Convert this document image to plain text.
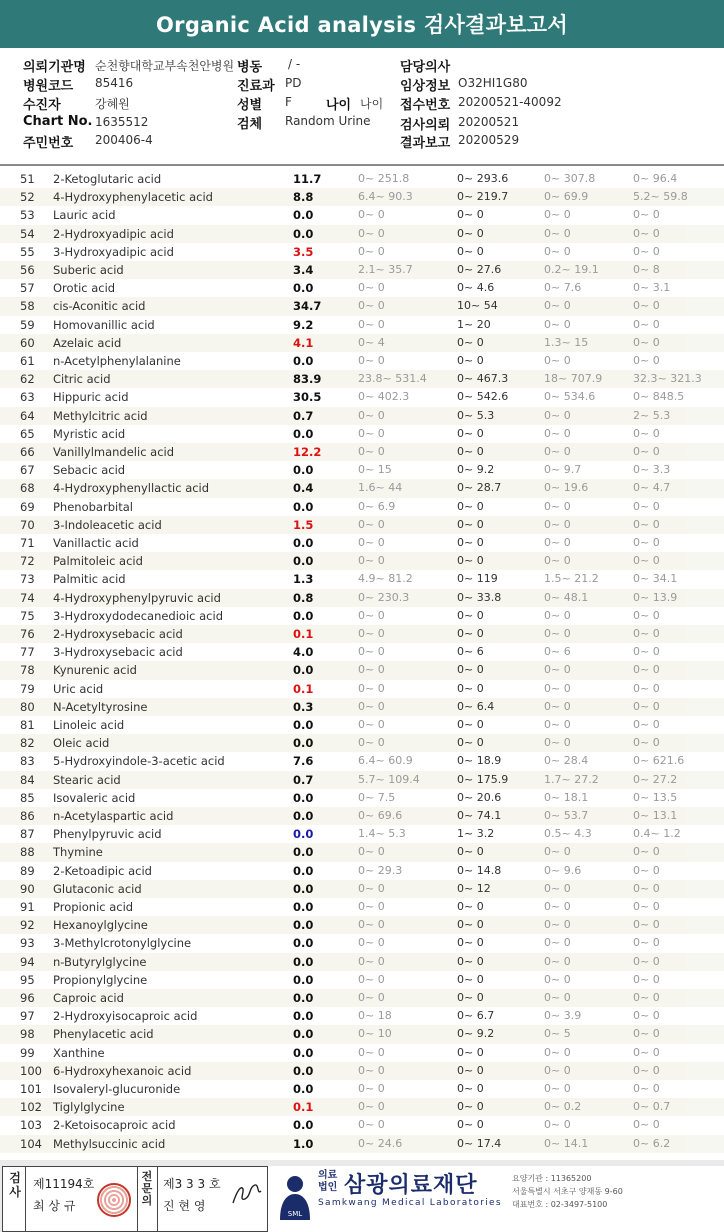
Organic Acid analysis 검사결과보고서
의뢰기관명 순천향대학교부속천안병원 병동 / -	담당의사
병원코드 85416	진료과 PD	임상정보 O32HI1G80
수진자	강혜원	성별 F	나이 나이 접수번호 20200521-40092
Chart No. 1635512	검체 Random Urine 검사의뢰 20200521
주민번호 200406-4	결과보고 20200529
51 2-Ketoglutaric acid	11.7	0~ 251.8	0~ 293.6	0~ 307.8	0~ 96.4
52 4-Hydroxyphenylacetic acid	8.8	6.4~ 90.3	0~ 219.7	0~ 69.9	5.2~ 59.8
53 Lauric acid	0.0	0~ 0	0~ 0	0~ 0	0~ 0
54 2-Hydroxyadipic acid	0.0	0~ 0	0~ 0	0~ 0	0~ 0
55 3-Hydroxyadipic acid	3.5	0~ 0	0~ 0	0~ 0	0~ 0
56 Suberic acid	3.4	2.1~ 35.7	0~ 27.6	0.2~ 19.1	0~ 8
57 Orotic acid	0.0	0~ 0	0~ 4.6	0~ 7.6	0~ 3.1
58 cis-Aconitic acid	34.7	0~ 0	10~ 54	0~ 0	0~ 0
59 Homovanillic acid	9.2	0~ 0	1~ 20	0~ 0	0~ 0
60 Azelaic acid	4.1	0~ 4	0~ 0	1.3~ 15	0~ 0
61 n-Acetylphenylalanine	0.0	0~ 0	0~ 0	0~ 0	0~ 0
62 Citric acid	83.9	23.8~ 531.4	0~ 467.3	18~ 707.9	32.3~ 321.3
63 Hippuric acid	30.5	0~ 402.3	0~ 542.6	0~ 534.6	0~ 848.5
64 Methylcitric acid	0.7	0~ 0	0~ 5.3	0~ 0	2~ 5.3
65 Myristic acid	0.0	0~ 0	0~ 0	0~ 0	0~ 0
66 Vanillylmandelic acid	12.2	0~ 0	0~ 0	0~ 0	0~ 0
67 Sebacic acid	0.0	0~ 15	0~ 9.2	0~ 9.7	0~ 3.3
68 4-Hydroxyphenyllactic acid	0.4	1.6~ 44	0~ 28.7	0~ 19.6	0~ 4.7
69 Phenobarbital	0.0	0~ 6.9	0~ 0	0~ 0	0~ 0
70 3-Indoleacetic acid	1.5	0~ 0	0~ 0	0~ 0	0~ 0
71 Vanillactic acid	0.0	0~ 0	0~ 0	0~ 0	0~ 0
72 Palmitoleic acid	0.0	0~ 0	0~ 0	0~ 0	0~ 0
73 Palmitic acid	1.3	4.9~ 81.2	0~ 119	1.5~ 21.2	0~ 34.1
74 4-Hydroxyphenylpyruvic acid	0.8	0~ 230.3	0~ 33.8	0~ 48.1	0~ 13.9
75 3-Hydroxydodecanedioic acid	0.0	0~ 0	0~ 0	0~ 0	0~ 0
76 2-Hydroxysebacic acid	0.1	0~ 0	0~ 0	0~ 0	0~ 0
77 3-Hydroxysebacic acid	4.0	0~ 0	0~ 6	0~ 6	0~ 0
78 Kynurenic acid	0.0	0~ 0	0~ 0	0~ 0	0~ 0
79 Uric acid	0.1	0~ 0	0~ 0	0~ 0	0~ 0
80 N-Acetyltyrosine	0.3	0~ 0	0~ 6.4	0~ 0	0~ 0
81 Linoleic acid	0.0	0~ 0	0~ 0	0~ 0	0~ 0
82 Oleic acid	0.0	0~ 0	0~ 0	0~ 0	0~ 0
83 5-Hydroxyindole-3-acetic acid	7.6	6.4~ 60.9	0~ 18.9	0~ 28.4	0~ 621.6
84 Stearic acid	0.7	5.7~ 109.4	0~ 175.9	1.7~ 27.2	0~ 27.2
85 Isovaleric acid	0.0	0~ 7.5	0~ 20.6	0~ 18.1	0~ 13.5
86 n-Acetylaspartic acid	0.0	0~ 69.6	0~ 74.1	0~ 53.7	0~ 13.1
87 Phenylpyruvic acid	0.0	1.4~ 5.3	1~ 3.2	0.5~ 4.3	0.4~ 1.2
88 Thymine	0.0	0~ 0	0~ 0	0~ 0	0~ 0
89 2-Ketoadipic acid	0.0	0~ 29.3	0~ 14.8	0~ 9.6	0~ 0
90 Glutaconic acid	0.0	0~ 0	0~ 12	0~ 0	0~ 0
91 Propionic acid	0.0	0~ 0	0~ 0	0~ 0	0~ 0
92 Hexanoylglycine	0.0	0~ 0	0~ 0	0~ 0	0~ 0
93 3-Methylcrotonylglycine	0.0	0~ 0	0~ 0	0~ 0	0~ 0
94 n-Butyrylglycine	0.0	0~ 0	0~ 0	0~ 0	0~ 0
95 Propionylglycine	0.0	0~ 0	0~ 0	0~ 0	0~ 0
96 Caproic acid	0.0	0~ 0	0~ 0	0~ 0	0~ 0
97 2-Hydroxyisocaproic acid	0.0	0~ 18	0~ 6.7	0~ 3.9	0~ 0
98 Phenylacetic acid	0.0	0~ 10	0~ 9.2	0~ 5	0~ 0
99 Xanthine	0.0	0~ 0	0~ 0	0~ 0	0~ 0
100 6-Hydroxyhexanoic acid	0.0	0~ 0	0~ 0	0~ 0	0~ 0
101 Isovaleryl-glucuronide	0.0	0~ 0	0~ 0	0~ 0	0~ 0
102 Tiglylglycine	0.1	0~ 0	0~ 0	0~ 0.2	0~ 0.7
103 2-Ketoisocaproic acid	0.0	0~ 0	0~ 0	0~ 0	0~ 0
104 Methylsuccinic acid	1.0	0~ 24.6	0~ 17.4	0~ 14.1	0~ 6.2
검사
제11194호
최 상 규
전문의
제3 3 3 호
진 현 영
SML
의료 법인 삼광의료재단
Samkwang Medical Laboratories
요양기관 : 11365200
서울특별시 서초구 양재동 9-60
대표번호 : 02-3497-5100
